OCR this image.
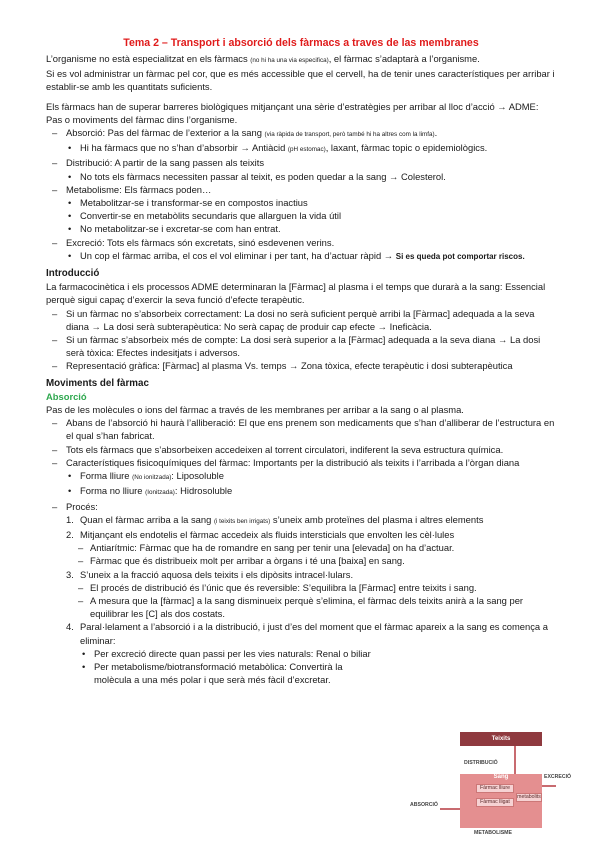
Tema 2 – Transport i absorció dels fàrmacs a traves de las membranes

L’organisme no està especialitzat en els fàrmacs (no hi ha una via especifica), el fàrmac s’adaptarà a l’organisme.

Si es vol administrar un fàrmac pel cor, que es més accessible que el cervell, ha de tenir unes característiques per arribar i establir-se amb les quantitats suficients.

Els fàrmacs han de superar barreres biològiques mitjançant una sèrie d’estratègies per arribar al lloc d’acció → ADME: Pas o moviments del fàrmac dins l’organisme.

– Absorció: Pas del fàrmac de l’exterior a la sang (via ràpida de transport, però també hi ha altres com la limfa).
• Hi ha fàrmacs que no s’han d’absorbir → Antiàcid (pH estomac), laxant, fàrmac topic o epidemiològics.
– Distribució: A partir de la sang passen als teixits
• No tots els fàrmacs necessiten passar al teixit, es poden quedar a la sang → Colesterol.
– Metabolisme: Els fàrmacs poden…
• Metabolitzar-se i transformar-se en compostos inactius
• Convertir-se en metabòlits secundaris que allarguen la vida útil
• No metabolitzar-se i excretar-se com han entrat.
– Excreció: Tots els fàrmacs són excretats, sinó esdevenen verins.
• Un cop el fàrmac arriba, el cos el vol eliminar i per tant, ha d’actuar ràpid → Si es queda pot comportar riscos.
Introducció

La farmacocinètica i els processos ADME determinaran la [Fàrmac] al plasma i el temps que durarà a la sang: Essencial perquè sigui capaç d’exercir la seva funció d’efecte terapèutic.

– Si un fàrmac no s’absorbeix correctament: La dosi no serà suficient perquè arribi la [Fàrmac] adequada a la seva diana → La dosi serà subterapèutica: No serà capaç de produir cap efecte → Ineficàcia.
– Si un fàrmac s’absorbeix més de compte: La dosi serà superior a la [Fàrmac] adequada a la seva diana → La dosi serà tòxica: Efectes indesitjats i adversos.
– Representació gràfica: [Fàrmac] al plasma Vs. temps → Zona tòxica, efecte terapèutic i dosi subterapèutica
Moviments del fàrmac
Absorció

Pas de les molècules o ions del fàrmac a través de les membranes per arribar a la sang o al plasma.

– Abans de l’absorció hi haurà l’alliberació: El que ens prenem son medicaments que s’han d’alliberar de l’estructura en el qual s’han fabricat.
– Tots els fàrmacs que s’absorbeixen accedeixen al torrent circulatori, indiferent la seva estructura química.
– Característiques fisicoquímiques del fàrmac: Importants per la distribució als teixits i l’arribada a l’òrgan diana
• Forma lliure (No ionitzada): Liposoluble
• Forma no lliure (Ionitzada): Hidrosoluble
– Procés:
1. Quan el fàrmac arriba a la sang (i teixits ben irrigats) s’uneix amb proteïnes del plasma i altres elements
2. Mitjançant els endotelis el fàrmac accedeix als fluids intersticials que envolten les cèl·lules
– Antiarítmic: Fàrmac que ha de romandre en sang per tenir una [elevada] on ha d’actuar.
– Fàrmac que és distribueix molt per arribar a òrgans i té una [baixa] en sang.
3. S’uneix a la fracció aquosa dels teixits i els dipòsits intracel·lulars.
– El procés de distribució és l’únic que és reversible: S’equilibra la [Fàrmac] entre teixits i sang.
– A mesura que la [fàrmac] a la sang disminueix perquè s’elimina, el fàrmac dels teixits anirà a la sang per equilibrar les [C] als dos costats.
4. Paral·lelament a l’absorció i a la distribució, i just d’es del moment que el fàrmac apareix a la sang es comença a eliminar:
• Per excreció directe quan passi per les vies naturals: Renal o biliar
• Per metabolisme/biotransformació metabòlica: Convertirà la molècula a una més polar i que serà més fàcil d’excretar.
Teixits
DISTRIBUCIÓ
Sang
Fàrmac lliure
Fàrmac lligat
metabolits
ABSORCIÓ
EXCRECIÓ
METABOLISME
